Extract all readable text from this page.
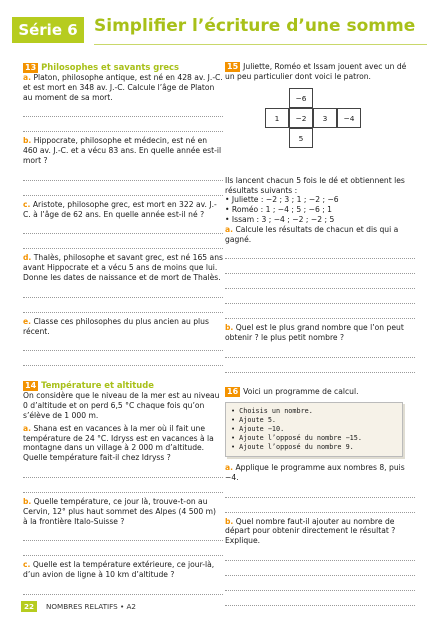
Série 6 Simplifier l’écriture d’une somme
13 Philosophes et savants grecs

a. Platon, philosophe antique, est né en 428 av. J.-C. et est mort en 348 av. J.-C. Calcule l’âge de Platon au moment de sa mort.

b. Hippocrate, philosophe et médecin, est né en 460 av. J.-C. et a vécu 83 ans. En quelle année est-il mort ?

c. Aristote, philosophe grec, est mort en 322 av. J.-C. à l’âge de 62 ans. En quelle année est-il né ?

d. Thalès, philosophe et savant grec, est né 165 ans avant Hippocrate et a vécu 5 ans de moins que lui. Donne les dates de naissance et de mort de Thalès.

e. Classe ces philosophes du plus ancien au plus récent.

14 Température et altitude

On considère que le niveau de la mer est au niveau 0 d’altitude et on perd 6,5 °C chaque fois qu’on s’élève de 1 000 m.

a. Shana est en vacances à la mer où il fait une température de 24 °C. Idryss est en vacances à la montagne dans un village à 2 000 m d’altitude. Quelle température fait-il chez Idryss ?

b. Quelle température, ce jour là, trouve-t-on au Cervin, 12° plus haut sommet des Alpes (4 500 m) à la frontière Italo-Suisse ?

c. Quelle est la température extérieure, ce jour-là, d’un avion de ligne à 10 km d’altitude ?

15 Juliette, Roméo et Issam jouent avec un dé un peu particulier dont voici le patron.

−6
1	−2	3	−4
5

Ils lancent chacun 5 fois le dé et obtiennent les résultats suivants :

• Juliette : −2 ; 3 ; 1 ; −2 ; −6

• Roméo : 1 ; −4 ; 5 ; −6 ; 1

• Issam : 3 ; −4 ; −2 ; −2 ; 5

a. Calcule les résultats de chacun et dis qui a gagné.

b. Quel est le plus grand nombre que l’on peut obtenir ? le plus petit nombre ?

16 Voici un programme de calcul.

• Choisis un nombre.
• Ajoute 5.
• Ajoute −10.
• Ajoute l’opposé du nombre −15.
• Ajoute l’opposé du nombre 9.

a. Applique le programme aux nombres 8, puis −4.

b. Quel nombre faut-il ajouter au nombre de départ pour obtenir directement le résultat ? Explique.

22	NOMBRES RELATIFS • A2
